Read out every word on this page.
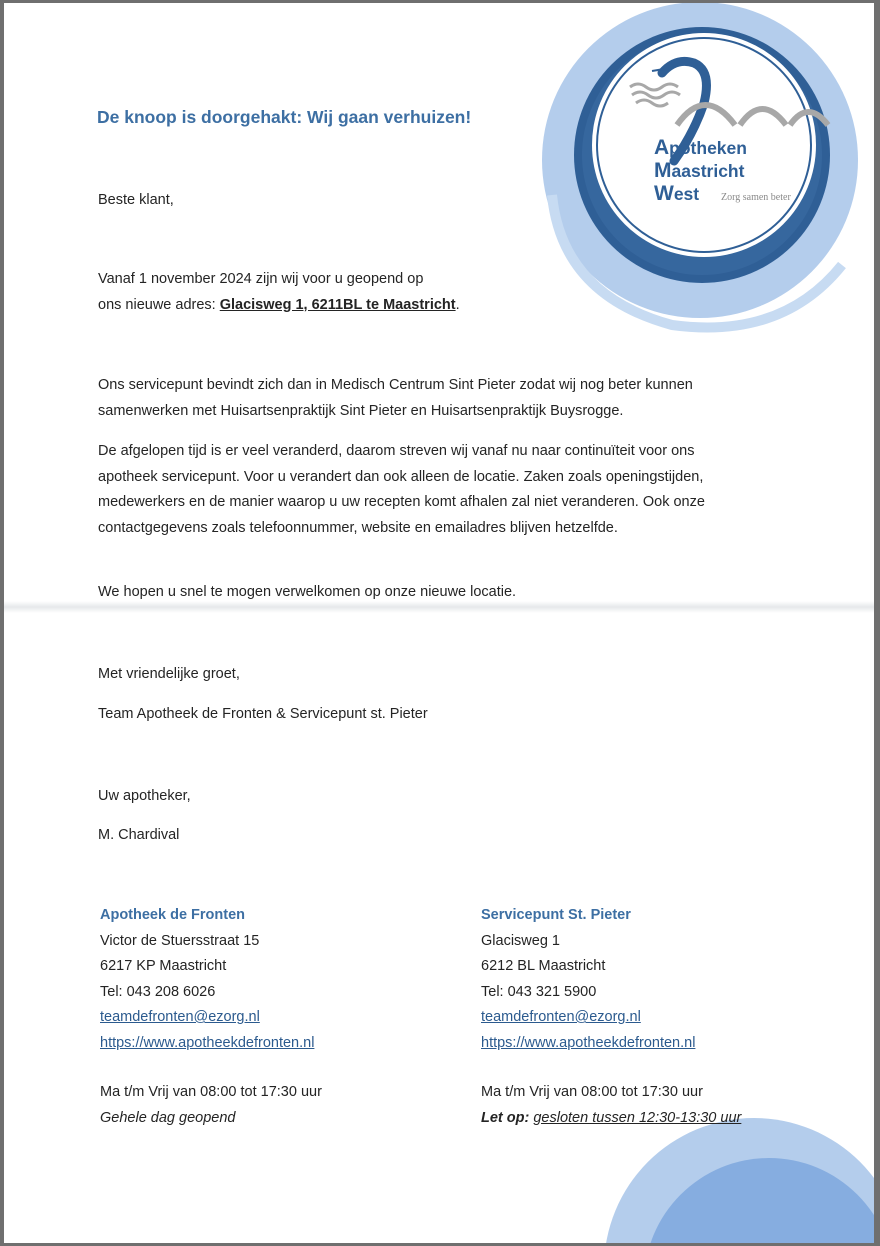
Apotheken
Maastricht
West Zorg samen beter
De knoop is doorgehakt: Wij gaan verhuizen!
Beste klant,
Vanaf 1 november 2024 zijn wij voor u geopend op
ons nieuwe adres: Glacisweg 1, 6211BL te Maastricht.
Ons servicepunt bevindt zich dan in Medisch Centrum Sint Pieter zodat wij nog beter kunnen
samenwerken met Huisartsenpraktijk Sint Pieter en Huisartsenpraktijk Buysrogge.
De afgelopen tijd is er veel veranderd, daarom streven wij vanaf nu naar continuïteit voor ons
apotheek servicepunt. Voor u verandert dan ook alleen de locatie. Zaken zoals openingstijden,
medewerkers en de manier waarop u uw recepten komt afhalen zal niet veranderen. Ook onze
contactgegevens zoals telefoonnummer, website en emailadres blijven hetzelfde.
We hopen u snel te mogen verwelkomen op onze nieuwe locatie.
Met vriendelijke groet,
Team Apotheek de Fronten & Servicepunt st. Pieter
Uw apotheker,
M. Chardival
Apotheek de Fronten
Victor de Stuersstraat 15
6217 KP Maastricht
Tel: 043 208 6026
teamdefronten@ezorg.nl
https://www.apotheekdefronten.nl
Ma t/m Vrij van 08:00 tot 17:30 uur
Gehele dag geopend
Servicepunt St. Pieter
Glacisweg 1
6212 BL Maastricht
Tel: 043 321 5900
teamdefronten@ezorg.nl
https://www.apotheekdefronten.nl
Ma t/m Vrij van 08:00 tot 17:30 uur
Let op: gesloten tussen 12:30-13:30 uur
